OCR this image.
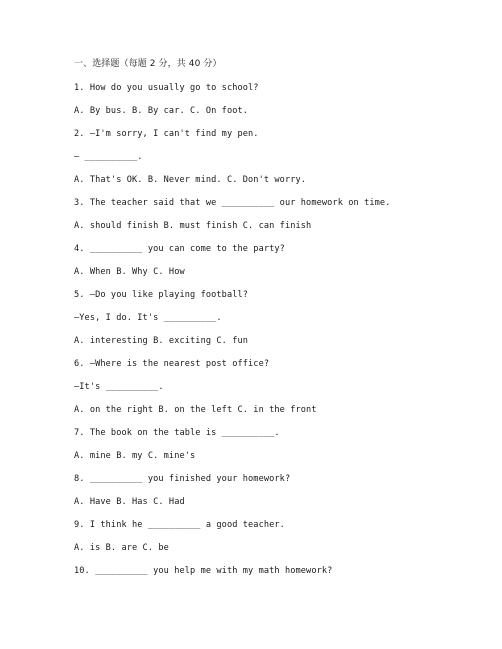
一、选择题（每题 2 分，共 40 分）
1. How do you usually go to school?
A. By bus. B. By car. C. On foot.
2. —I'm sorry, I can't find my pen.
— __________.
A. That's OK. B. Never mind. C. Don't worry.
3. The teacher said that we __________ our homework on time.
A. should finish B. must finish C. can finish
4. __________ you can come to the party?
A. When B. Why C. How
5. —Do you like playing football?
—Yes, I do. It's __________.
A. interesting B. exciting C. fun
6. —Where is the nearest post office?
—It's __________.
A. on the right B. on the left C. in the front
7. The book on the table is __________.
A. mine B. my C. mine's
8. __________ you finished your homework?
A. Have B. Has C. Had
9. I think he __________ a good teacher.
A. is B. are C. be
10. __________ you help me with my math homework?
